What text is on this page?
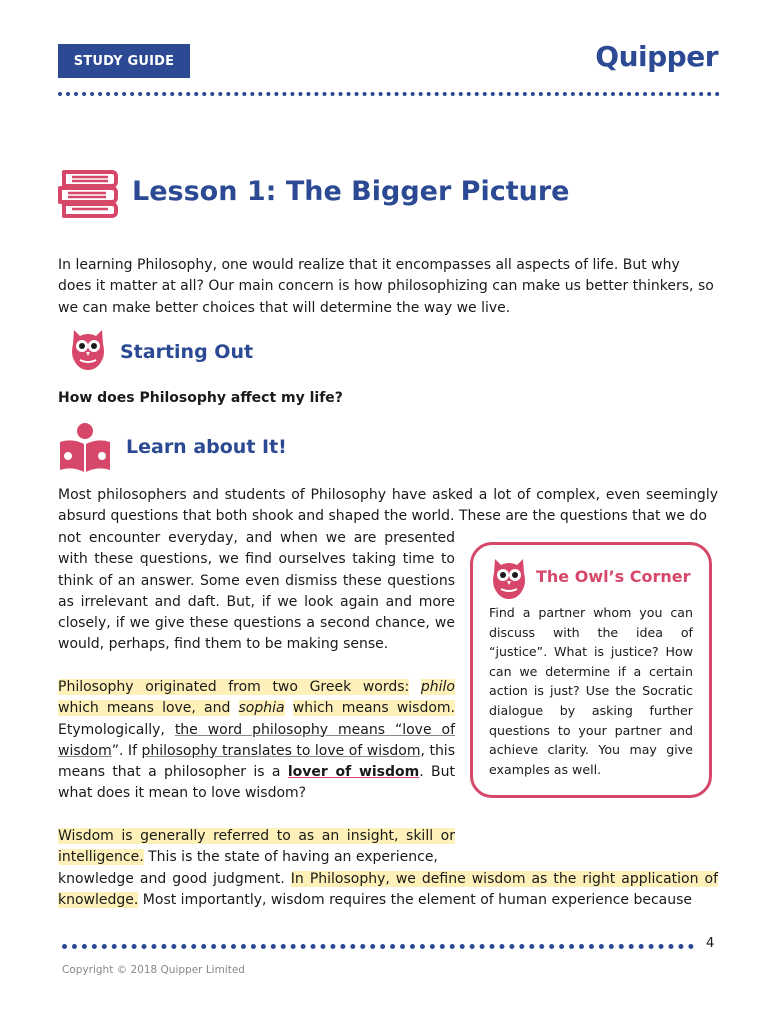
STUDY GUIDE	Quipper
Lesson 1: The Bigger Picture
In learning Philosophy, one would realize that it encompasses all aspects of life. But why does it matter at all? Our main concern is how philosophizing can make us better thinkers, so we can make better choices that will determine the way we live.
Starting Out
How does Philosophy affect my life?
Learn about It!
Most philosophers and students of Philosophy have asked a lot of complex, even seemingly absurd questions that both shook and shaped the world. These are the questions that we do
not encounter everyday, and when we are presented with these questions, we find ourselves taking time to think of an answer. Some even dismiss these questions as irrelevant and daft. But, if we look again and more closely, if we give these questions a second chance, we would, perhaps, find them to be making sense.
Philosophy originated from two Greek words: philo which means love, and sophia which means wisdom. Etymologically, the word philosophy means “love of wisdom”. If philosophy translates to love of wisdom, this means that a philosopher is a lover of wisdom. But what does it mean to love wisdom?
Wisdom is generally referred to as an insight, skill or intelligence. This is the state of having an experience,
knowledge and good judgment. In Philosophy, we define wisdom as the right application of knowledge. Most importantly, wisdom requires the element of human experience because
The Owl’s Corner
Find a partner whom you can discuss with the idea of “justice”. What is justice? How can we determine if a certain action is just? Use the Socratic dialogue by asking further questions to your partner and achieve clarity. You may give examples as well.
4
Copyright © 2018 Quipper Limited
